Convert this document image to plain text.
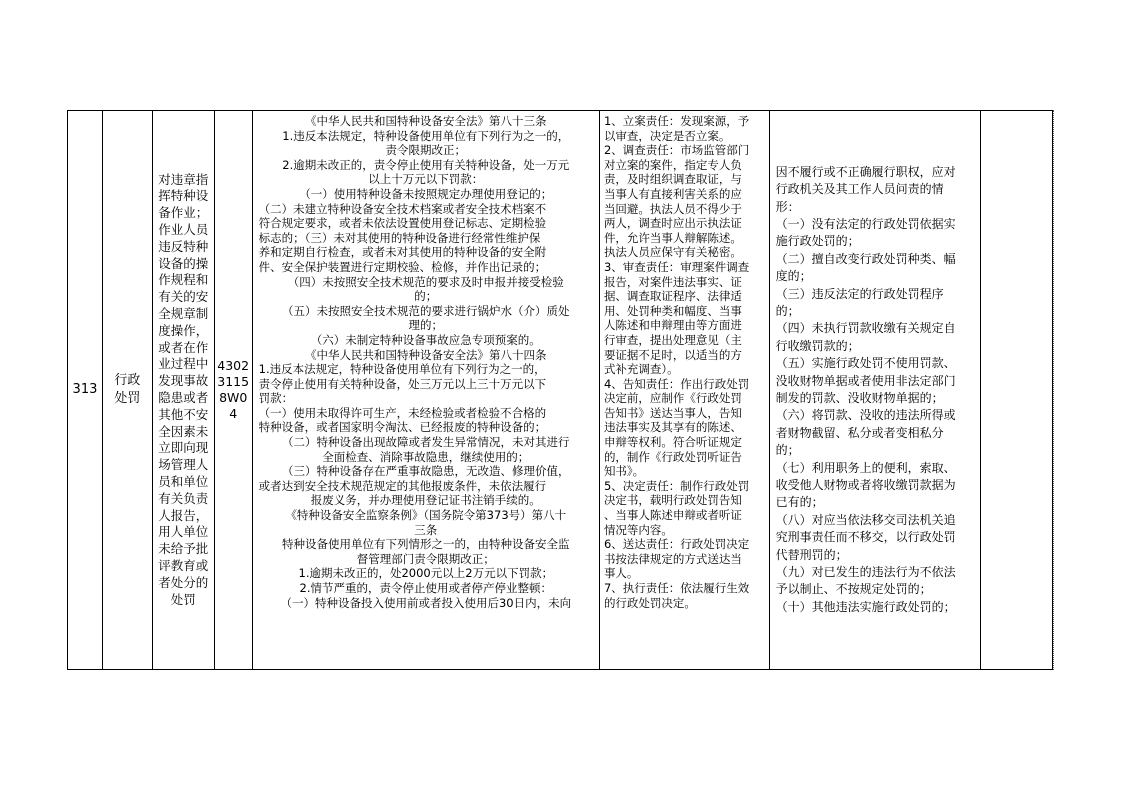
313
行政处罚
对违章指
挥特种设
备作业；
作业人员
违反特种
设备的操
作规程和
有关的安
全规章制
度操作，
或者在作
业过程中
发现事故
隐患或者
其他不安
全因素未
立即向现
场管理人
员和单位
有关负责
人报告，
用人单位
未给予批
评教育或
者处分的
处罚
43023115 8W04

《中华人民共和国特种设备安全法》第八十三条

1.违反本法规定，特种设备使用单位有下列行为之一的，

责令限期改正；

2.逾期未改正的，责令停止使用有关特种设备，处一万元

以上十万元以下罚款：

（一）使用特种设备未按照规定办理使用登记的；

（二）未建立特种设备安全技术档案或者安全技术档案不

符合规定要求，或者未依法设置使用登记标志、定期检验

标志的；（三）未对其使用的特种设备进行经常性维护保

养和定期自行检查，或者未对其使用的特种设备的安全附

件、安全保护装置进行定期校验、检修，并作出记录的；

（四）未按照安全技术规范的要求及时申报并接受检验

的；

（五）未按照安全技术规范的要求进行锅炉水（介）质处

理的；

（六）未制定特种设备事故应急专项预案的。

《中华人民共和国特种设备安全法》第八十四条

1.违反本法规定，特种设备使用单位有下列行为之一的，

责令停止使用有关特种设备，处三万元以上三十万元以下

罚款：

（一）使用未取得许可生产，未经检验或者检验不合格的

特种设备，或者国家明令淘汰、已经报废的特种设备的；

（二）特种设备出现故障或者发生异常情况，未对其进行

全面检查、消除事故隐患，继续使用的；

（三）特种设备存在严重事故隐患，无改造、修理价值，

或者达到安全技术规范规定的其他报废条件，未依法履行

报废义务，并办理使用登记证书注销手续的。

《特种设备安全监察条例》（国务院令第373号）第八十

三条

特种设备使用单位有下列情形之一的，由特种设备安全监

督管理部门责令限期改正；

1.逾期未改正的，处2000元以上2万元以下罚款；

2.情节严重的，责令停止使用或者停产停业整顿：

（一）特种设备投入使用前或者投入使用后30日内，未向

1、立案责任：发现案源，予

以审查，决定是否立案。

2、调查责任：市场监管部门

对立案的案件，指定专人负

责，及时组织调查取证，与

当事人有直接利害关系的应

当回避。执法人员不得少于

两人，调查时应出示执法证

件，允许当事人辩解陈述。

执法人员应保守有关秘密。

3、审查责任：审理案件调查

报告，对案件违法事实、证

据、调查取证程序、法律适

用、处罚种类和幅度、当事

人陈述和申辩理由等方面进

行审查，提出处理意见（主

要证据不足时，以适当的方

式补充调查）。

4、告知责任：作出行政处罚

决定前，应制作《行政处罚

告知书》送达当事人，告知

违法事实及其享有的陈述、

申辩等权利。符合听证规定

的，制作《行政处罚听证告

知书》。

5、决定责任：制作行政处罚

决定书，载明行政处罚告知

、当事人陈述申辩或者听证

情况等内容。

6、送达责任：行政处罚决定

书按法律规定的方式送达当

事人。

7、执行责任：依法履行生效

的行政处罚决定。

因不履行或不正确履行职权，应对

行政机关及其工作人员问责的情

形：

（一）没有法定的行政处罚依据实

施行政处罚的；

（二）擅自改变行政处罚种类、幅

度的；

（三）违反法定的行政处罚程序

的；

（四）未执行罚款收缴有关规定自

行收缴罚款的；

（五）实施行政处罚不使用罚款、

没收财物单据或者使用非法定部门

制发的罚款、没收财物单据的；

（六）将罚款、没收的违法所得或

者财物截留、私分或者变相私分

的；

（七）利用职务上的便利，索取、

收受他人财物或者将收缴罚款据为

已有的；

（八）对应当依法移交司法机关追

究刑事责任而不移交，以行政处罚

代替刑罚的；

（九）对已发生的违法行为不依法

予以制止、不按规定处罚的；

（十）其他违法实施行政处罚的；
